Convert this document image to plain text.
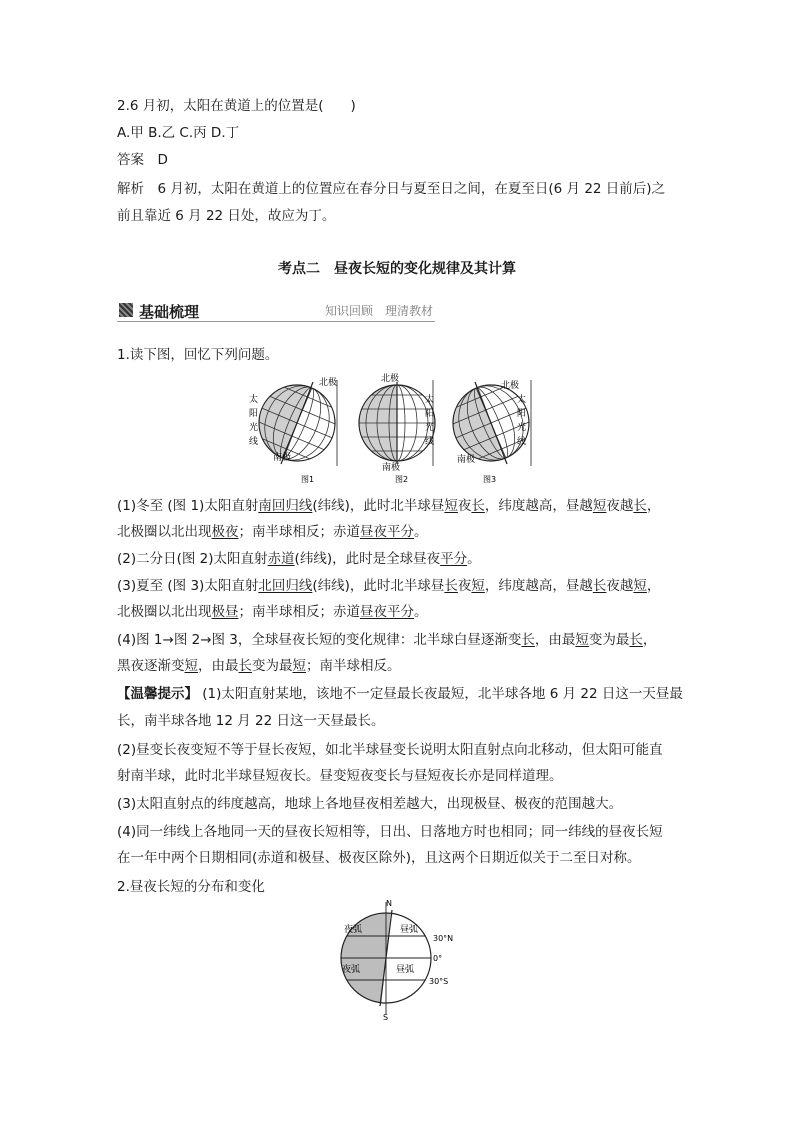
2.6 月初，太阳在黄道上的位置是(　　)
A.甲 B.乙 C.丙 D.丁
答案　D
解析　6 月初，太阳在黄道上的位置应在春分日与夏至日之间，在夏至日(6 月 22 日前后)之
前且靠近 6 月 22 日处，故应为丁。
考点二　昼夜长短的变化规律及其计算
基础梳理	知识回顾　理清教材
1.读下图，回忆下列问题。
北极
南极
太
阳
光
线
图1
北极
南极
太
阳
光
线
图2
北极
南极
太
阳
光
线
图3
(1)冬至 (图 1)太阳直射南回归线(纬线)，此时北半球昼短夜长，纬度越高，昼越短夜越长，
北极圈以北出现极夜；南半球相反；赤道昼夜平分。
(2)二分日(图 2)太阳直射赤道(纬线)，此时是全球昼夜平分。
(3)夏至 (图 3)太阳直射北回归线(纬线)，此时北半球昼长夜短，纬度越高，昼越长夜越短，
北极圈以北出现极昼；南半球相反；赤道昼夜平分。
(4)图 1→图 2→图 3，全球昼夜长短的变化规律：北半球白昼逐渐变长，由最短变为最长，
黑夜逐渐变短，由最长变为最短；南半球相反。
【温馨提示】 (1)太阳直射某地，该地不一定昼最长夜最短，北半球各地 6 月 22 日这一天昼最
长，南半球各地 12 月 22 日这一天昼最长。
(2)昼变长夜变短不等于昼长夜短，如北半球昼变长说明太阳直射点向北移动，但太阳可能直
射南半球，此时北半球昼短夜长。昼变短夜变长与昼短夜长亦是同样道理。
(3)太阳直射点的纬度越高，地球上各地昼夜相差越大，出现极昼、极夜的范围越大。
(4)同一纬线上各地同一天的昼夜长短相等，日出、日落地方时也相同；同一纬线的昼夜长短
在一年中两个日期相同(赤道和极昼、极夜区除外)，且这两个日期近似关于二至日对称。
2.昼夜长短的分布和变化
N
S
夜弧	昼弧
夜弧	昼弧
30°N
0°
30°S
